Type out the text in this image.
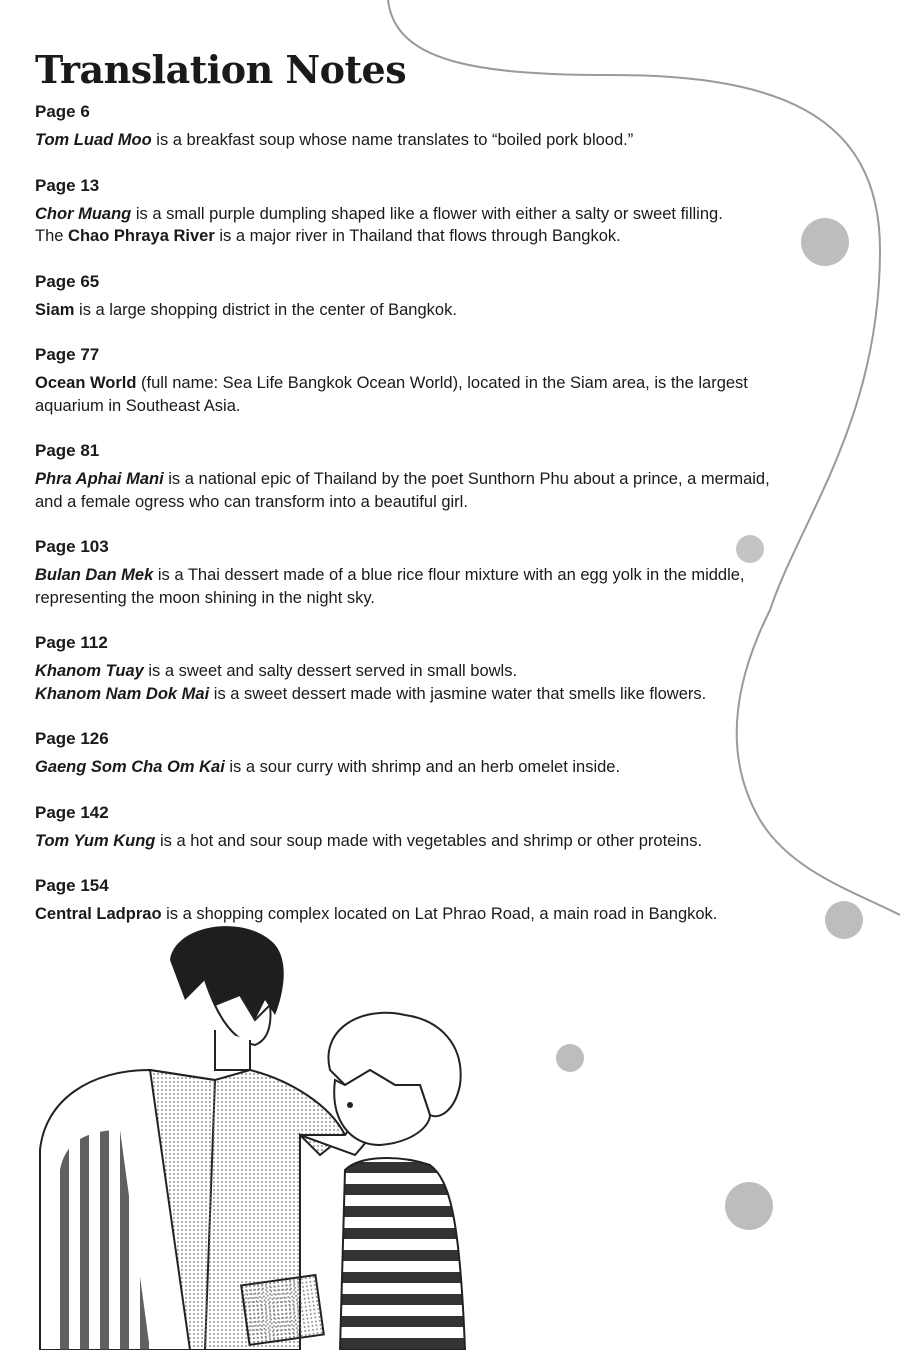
Translation Notes
Page 6
Tom Luad Moo is a breakfast soup whose name translates to “boiled pork blood.”
Page 13
Chor Muang is a small purple dumpling shaped like a flower with either a salty or sweet filling.
The Chao Phraya River is a major river in Thailand that flows through Bangkok.
Page 65
Siam is a large shopping district in the center of Bangkok.
Page 77
Ocean World (full name: Sea Life Bangkok Ocean World), located in the Siam area, is the largest
aquarium in Southeast Asia.
Page 81
Phra Aphai Mani is a national epic of Thailand by the poet Sunthorn Phu about a prince, a mermaid,
and a female ogress who can transform into a beautiful girl.
Page 103
Bulan Dan Mek is a Thai dessert made of a blue rice flour mixture with an egg yolk in the middle,
representing the moon shining in the night sky.
Page 112
Khanom Tuay is a sweet and salty dessert served in small bowls.
Khanom Nam Dok Mai is a sweet dessert made with jasmine water that smells like flowers.
Page 126
Gaeng Som Cha Om Kai is a sour curry with shrimp and an herb omelet inside.
Page 142
Tom Yum Kung is a hot and sour soup made with vegetables and shrimp or other proteins.
Page 154
Central Ladprao is a shopping complex located on Lat Phrao Road, a main road in Bangkok.
